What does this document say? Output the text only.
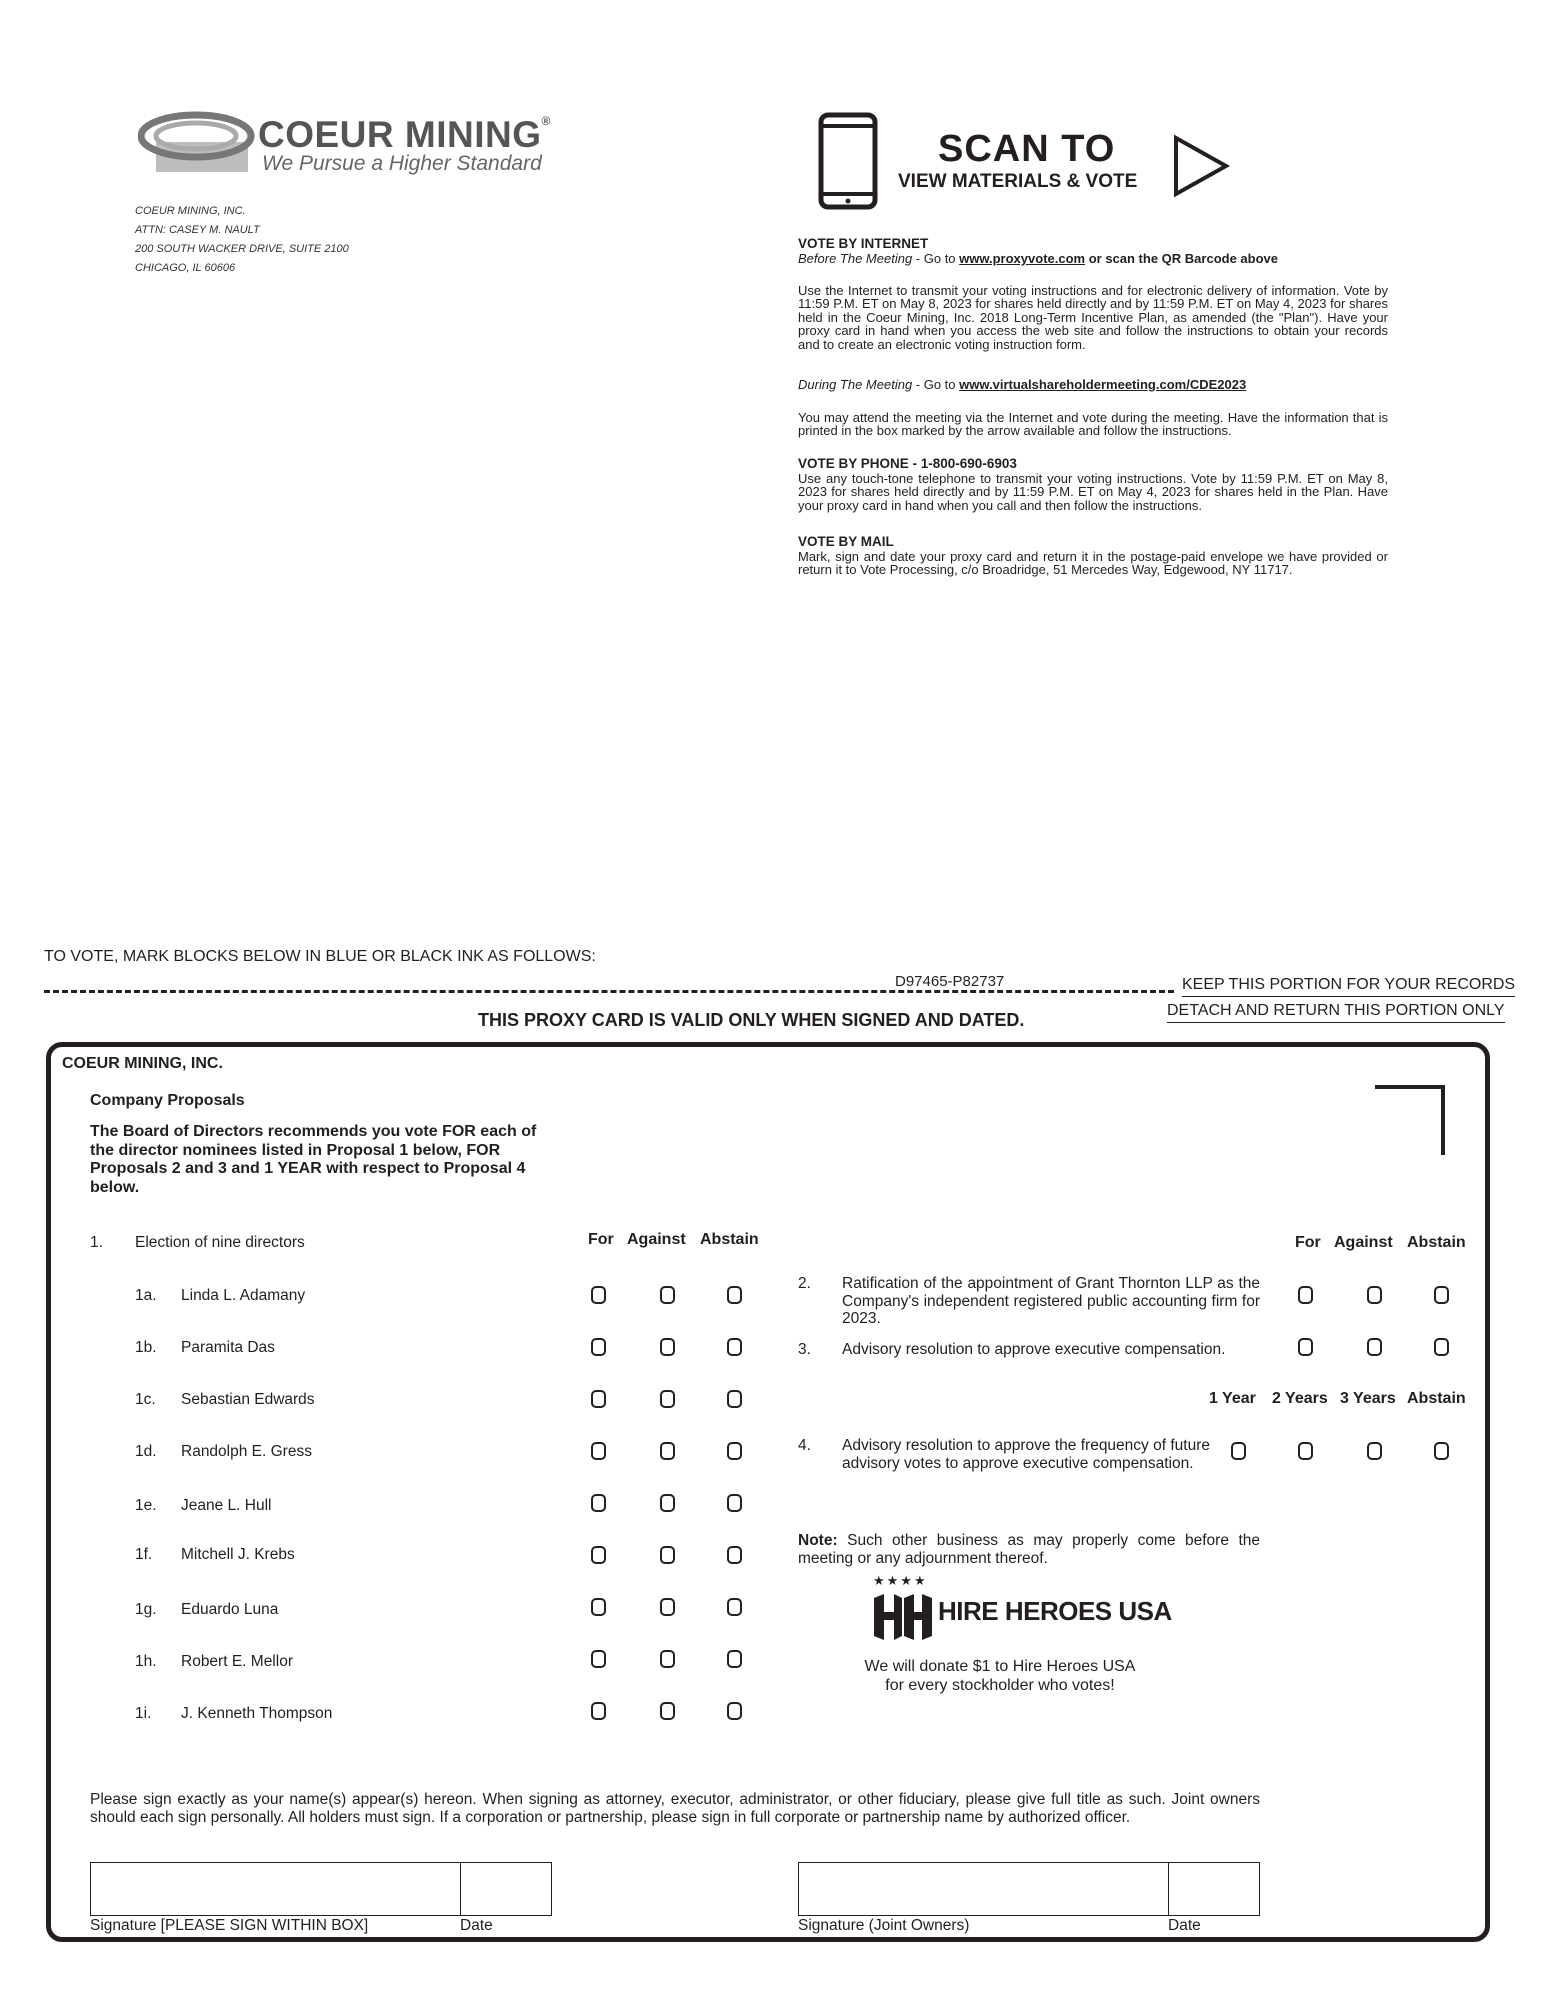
COEUR MINING®
We Pursue a Higher Standard
COEUR MINING, INC.
ATTN: CASEY M. NAULT
200 SOUTH WACKER DRIVE, SUITE 2100
CHICAGO, IL 60606
SCAN TO
VIEW MATERIALS & VOTE
VOTE BY INTERNET
Before The Meeting - Go to www.proxyvote.com or scan the QR Barcode above
Use the Internet to transmit your voting instructions and for electronic delivery of information. Vote by 11:59 P.M. ET on May 8, 2023 for shares held directly and by 11:59 P.M. ET on May 4, 2023 for shares held in the Coeur Mining, Inc. 2018 Long-Term Incentive Plan, as amended (the "Plan"). Have your proxy card in hand when you access the web site and follow the instructions to obtain your records and to create an electronic voting instruction form.
During The Meeting - Go to www.virtualshareholdermeeting.com/CDE2023
You may attend the meeting via the Internet and vote during the meeting. Have the information that is printed in the box marked by the arrow available and follow the instructions.
VOTE BY PHONE - 1-800-690-6903
Use any touch-tone telephone to transmit your voting instructions. Vote by 11:59 P.M. ET on May 8, 2023 for shares held directly and by 11:59 P.M. ET on May 4, 2023 for shares held in the Plan. Have your proxy card in hand when you call and then follow the instructions.
VOTE BY MAIL
Mark, sign and date your proxy card and return it in the postage-paid envelope we have provided or return it to Vote Processing, c/o Broadridge, 51 Mercedes Way, Edgewood, NY 11717.
TO VOTE, MARK BLOCKS BELOW IN BLUE OR BLACK INK AS FOLLOWS:
D97465-P82737	KEEP THIS PORTION FOR YOUR RECORDS
DETACH AND RETURN THIS PORTION ONLY
THIS PROXY CARD IS VALID ONLY WHEN SIGNED AND DATED.
COEUR MINING, INC.
Company Proposals
The Board of Directors recommends you vote FOR each of the director nominees listed in Proposal 1 below, FOR Proposals 2 and 3 and 1 YEAR with respect to Proposal 4 below.
1. Election of nine directors	For Against Abstain
1a. Linda L. Adamany
1b. Paramita Das
1c. Sebastian Edwards
1d. Randolph E. Gress
1e. Jeane L. Hull
1f. Mitchell J. Krebs
1g. Eduardo Luna
1h. Robert E. Mellor
1i. J. Kenneth Thompson
For Against Abstain
2. Ratification of the appointment of Grant Thornton LLP as the Company's independent registered public accounting firm for 2023.
3. Advisory resolution to approve executive compensation.
1 Year 2 Years 3 Years Abstain
4. Advisory resolution to approve the frequency of future advisory votes to approve executive compensation.
Note: Such other business as may properly come before the meeting or any adjournment thereof.
★★★★
HIRE HEROES USA
We will donate $1 to Hire Heroes USA
for every stockholder who votes!
Please sign exactly as your name(s) appear(s) hereon. When signing as attorney, executor, administrator, or other fiduciary, please give full title as such. Joint owners should each sign personally. All holders must sign. If a corporation or partnership, please sign in full corporate or partnership name by authorized officer.
Signature [PLEASE SIGN WITHIN BOX]	Date	Signature (Joint Owners)	Date
